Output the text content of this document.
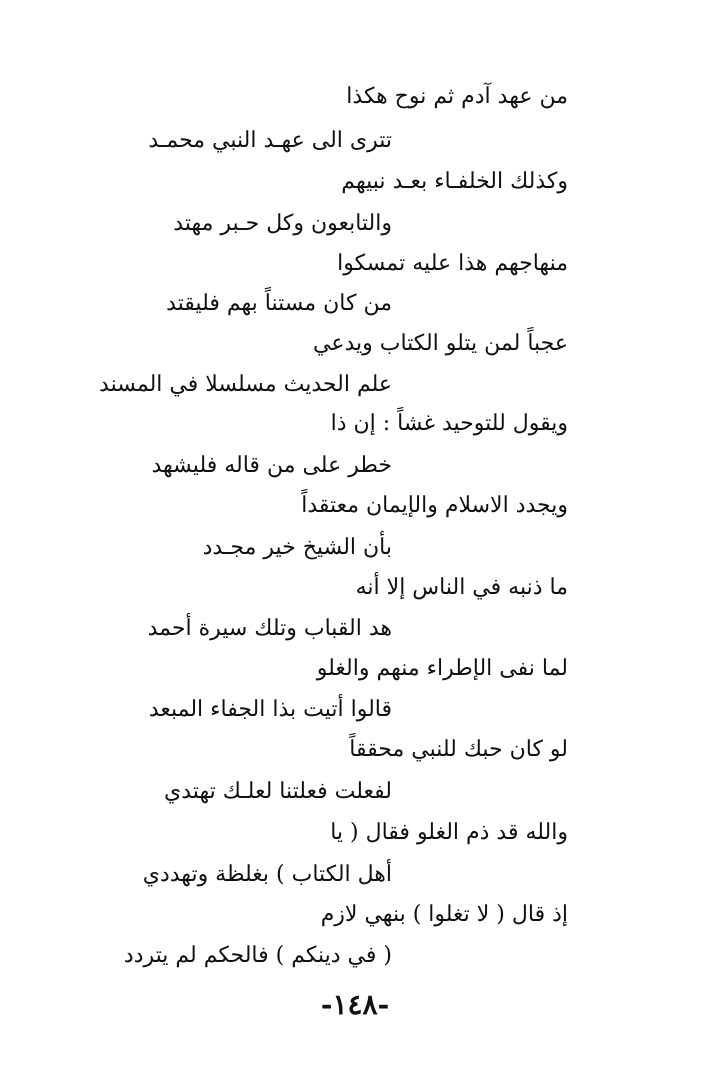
من عهد آدم ثم نوح هكذا
تترى الى عهـد النبي محمـد
وكذلك الخلفـاء بعـد نبيهم
والتابعون وكل حـبر مهتد
منهاجهم هذا عليه تمسكوا
من كان مستناً بهم فليقتد
عجباً لمن يتلو الكتاب ويدعي
علم الحديث مسلسلا في المسند
ويقول للتوحيد غشاً : إن ذا
خطر على من قاله فليشهد
ويجدد الاسلام والإيمان معتقداً
بأن الشيخ خير مجـدد
ما ذنبه في الناس إلا أنه
هد القباب وتلك سيرة أحمد
لما نفى الإطراء منهم والغلو
قالوا أتيت بذا الجفاء المبعد
لو كان حبك للنبي محققاً
لفعلت فعلتنا لعلـك تهتدي
والله قد ذم الغلو فقال ( يا
أهل الكتاب ) بغلظة وتهددي
إذ قال ( لا تغلوا ) بنهي لازم
( في دينكم ) فالحكم لم يتردد
-١٤٨-
